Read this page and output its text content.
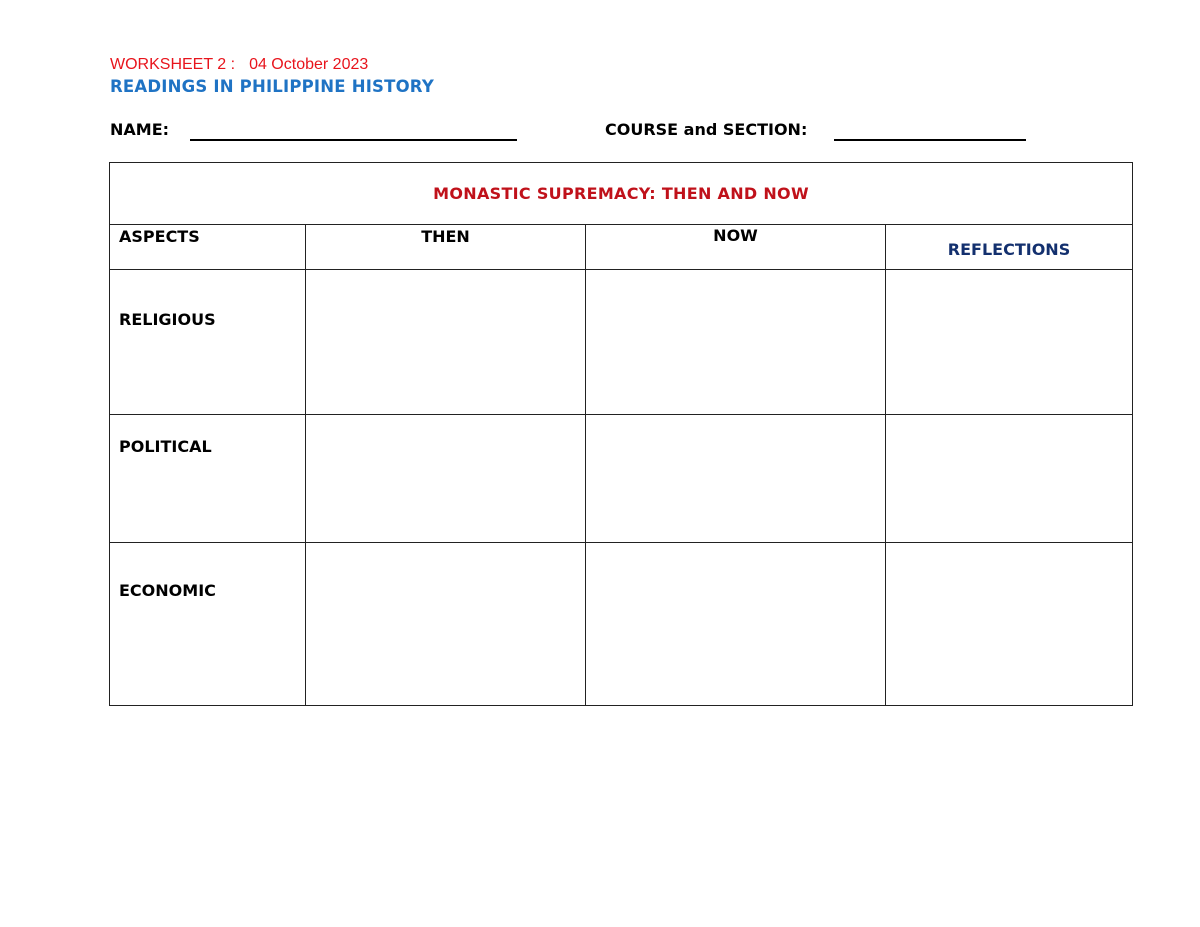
WORKSHEET 2 : 04 October 2023
READINGS IN PHILIPPINE HISTORY
NAME:	COURSE and SECTION:
MONASTIC SUPREMACY: THEN AND NOW			
ASPECTS	THEN	NOW	REFLECTIONS
RELIGIOUS			
POLITICAL			
ECONOMIC			
